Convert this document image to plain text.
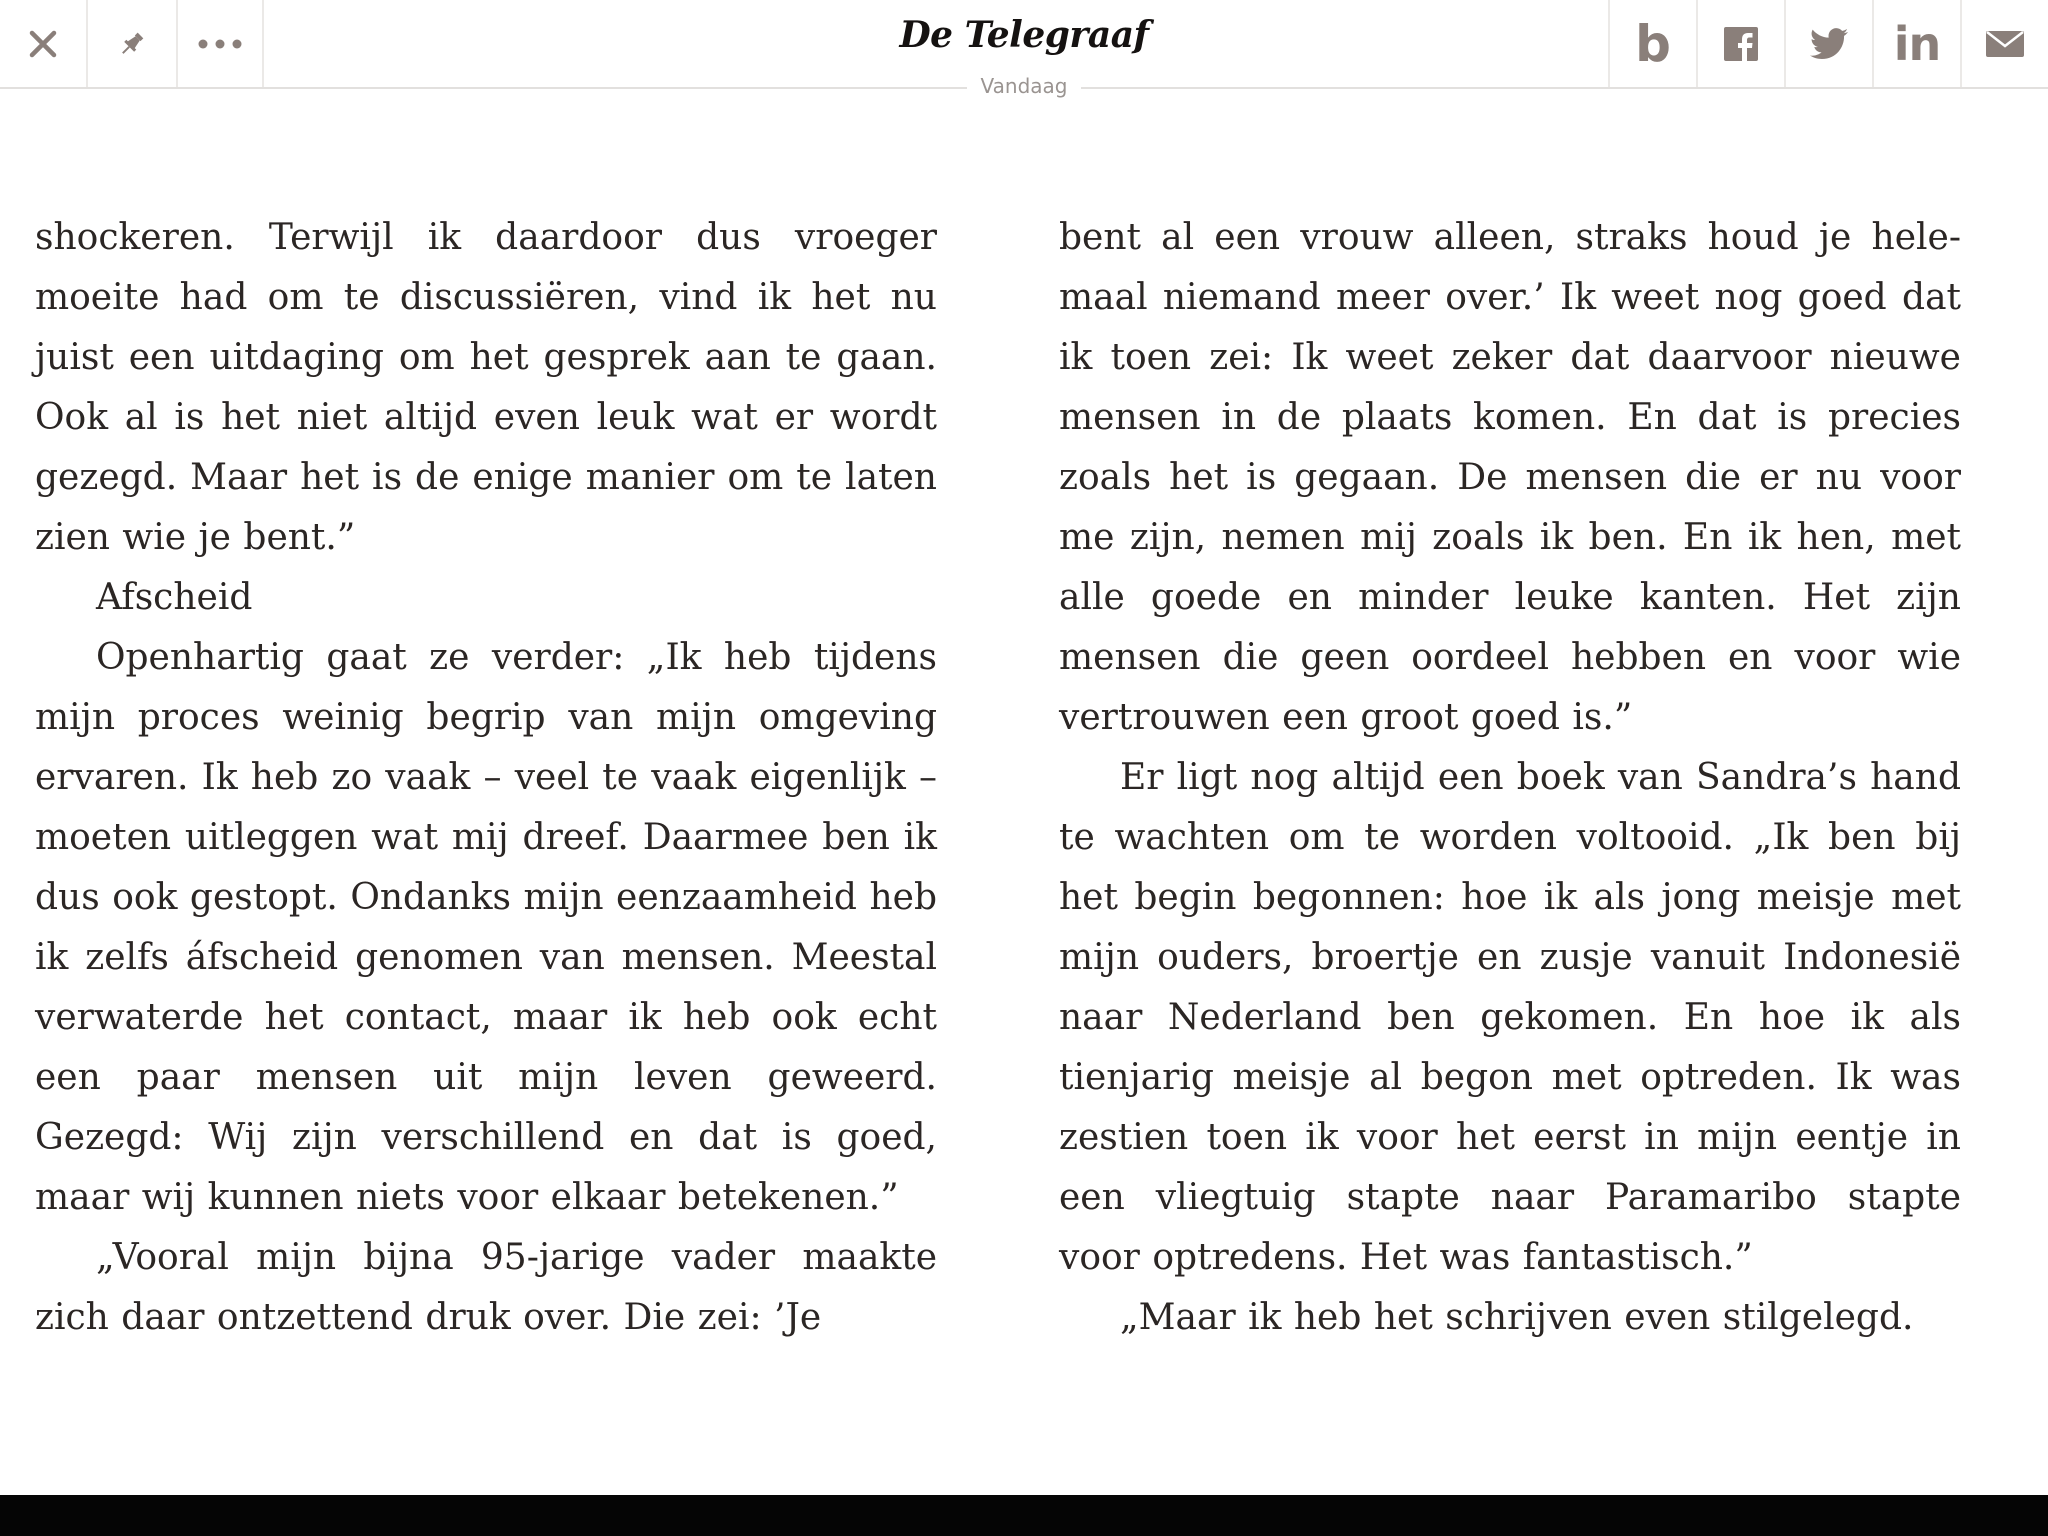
De Telegraaf	b	in
Vandaag

shockeren. Terwijl ik daardoor dus vroeger moeite had om te discussiëren, vind ik het nu juist een uitdaging om het gesprek aan te gaan. Ook al is het niet altijd even leuk wat er wordt gezegd. Maar het is de enige manier om te laten zien wie je bent.”

Afscheid

Openhartig gaat ze verder: „Ik heb tijdens mijn proces weinig begrip van mijn omgeving ervaren. Ik heb zo vaak – veel te vaak eigenlijk – moeten uitleggen wat mij dreef. Daarmee ben ik dus ook gestopt. Ondanks mijn eenzaamheid heb ik zelfs áfscheid genomen van mensen. Meestal verwaterde het contact, maar ik heb ook echt een paar mensen uit mijn leven geweerd. Gezegd: Wij zijn verschillend en dat is goed, maar wij kunnen niets voor elkaar betekenen.”

„Vooral mijn bijna 95-jarige vader maakte zich daar ontzettend druk over. Die zei: ’Je

bent al een vrouw alleen, straks houd je helemaal niemand meer over.’ Ik weet nog goed dat ik toen zei: Ik weet zeker dat daarvoor nieuwe mensen in de plaats komen. En dat is precies zoals het is gegaan. De mensen die er nu voor me zijn, nemen mij zoals ik ben. En ik hen, met alle goede en minder leuke kanten. Het zijn mensen die geen oordeel hebben en voor wie vertrouwen een groot goed is.”

Er ligt nog altijd een boek van Sandra’s hand te wachten om te worden voltooid. „Ik ben bij het begin begonnen: hoe ik als jong meisje met mijn ouders, broertje en zusje vanuit Indonesië naar Nederland ben gekomen. En hoe ik als tienjarig meisje al begon met optreden. Ik was zestien toen ik voor het eerst in mijn eentje in een vliegtuig stapte naar Paramaribo stapte voor optredens. Het was fantastisch.”

„Maar ik heb het schrijven even stilgelegd.
